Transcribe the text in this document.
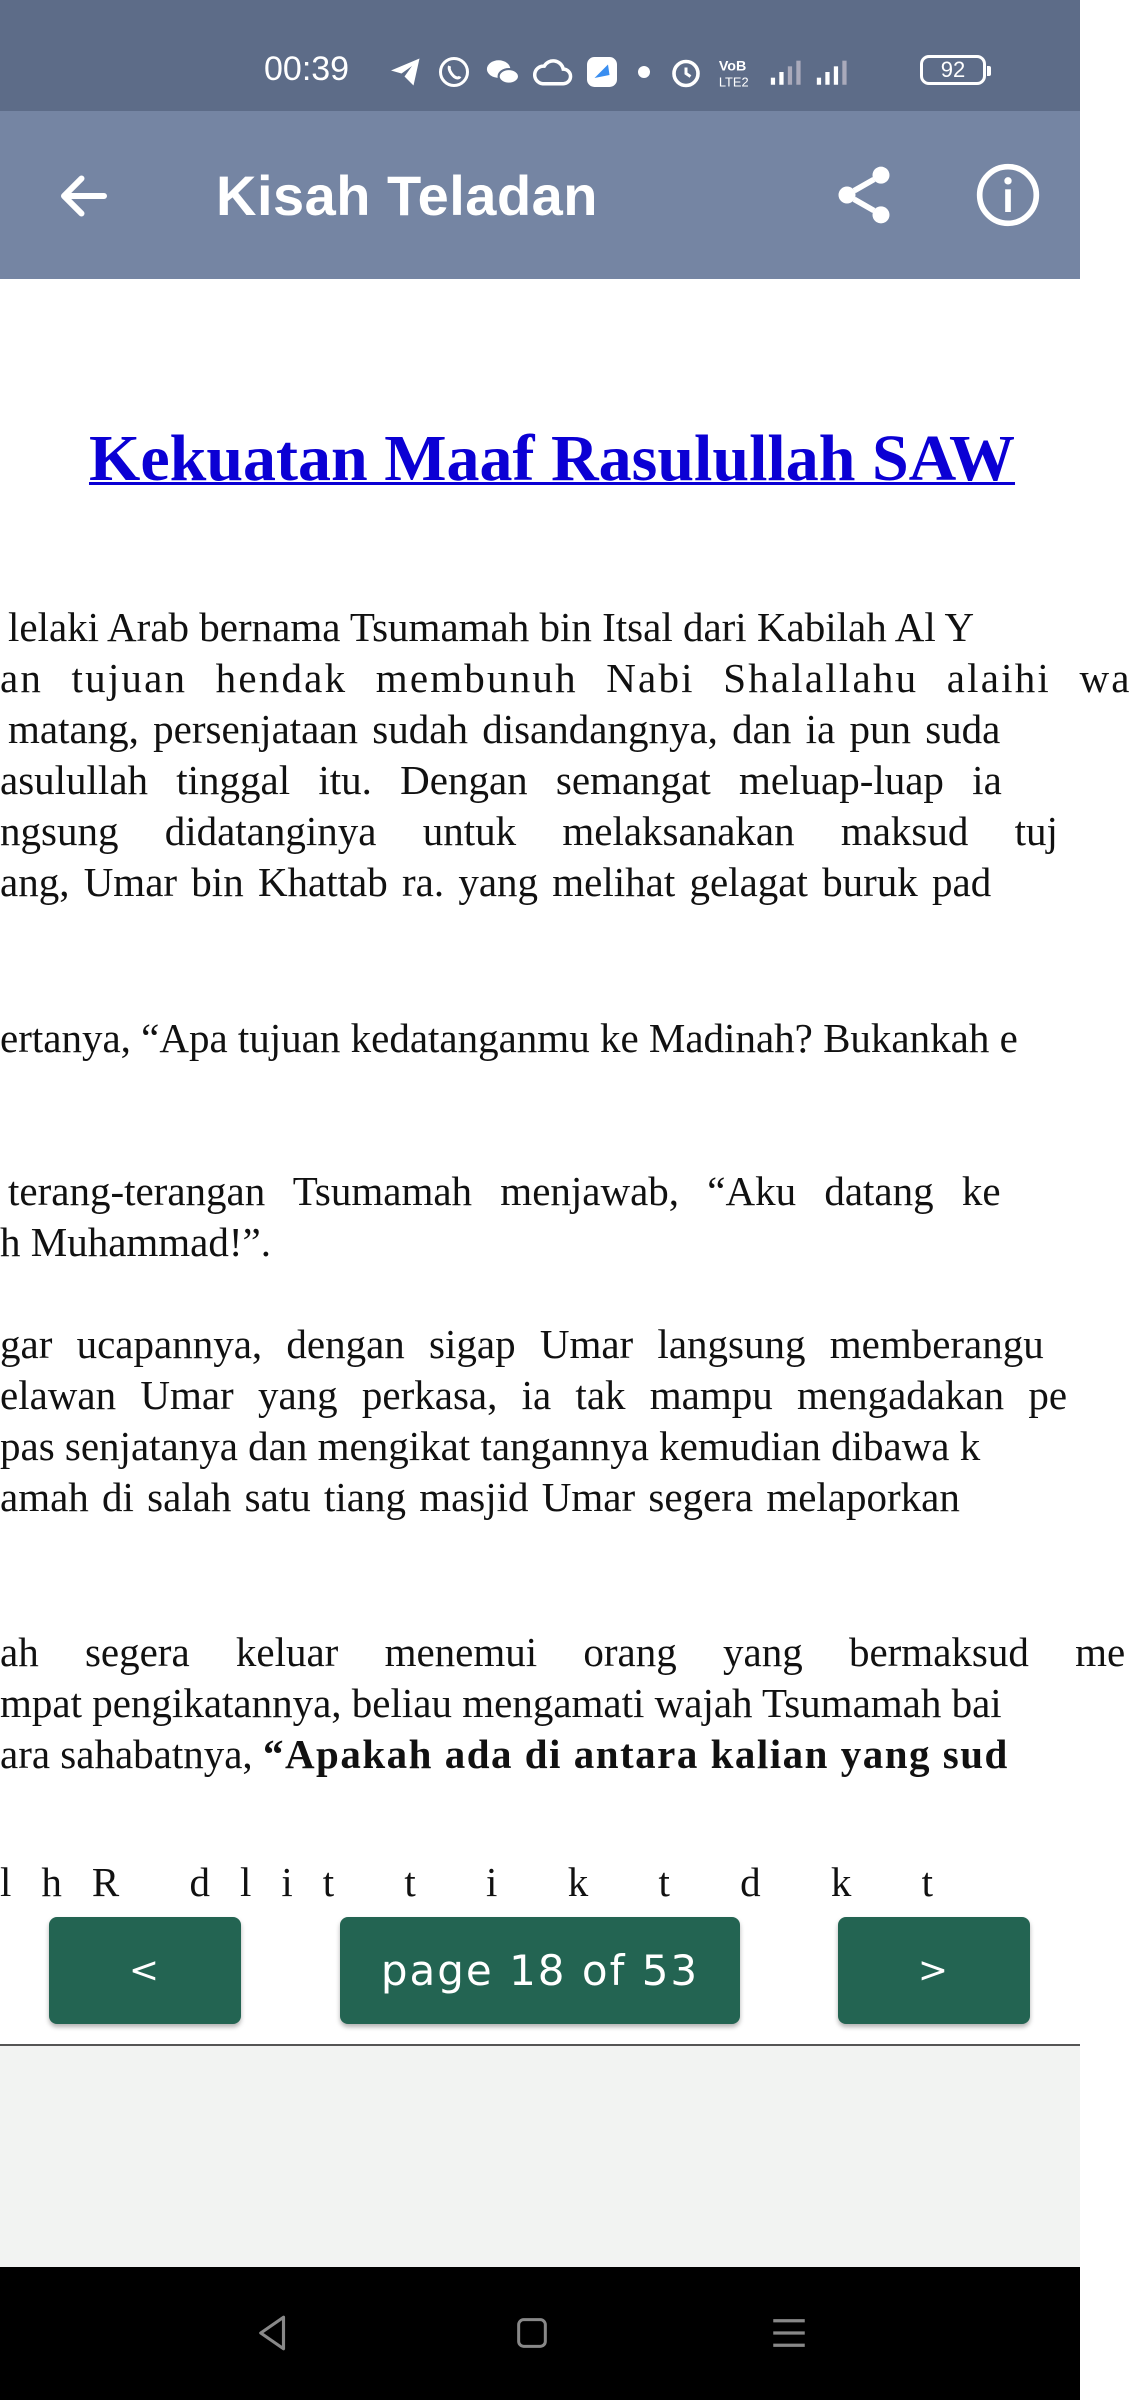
00:39	VoB
LTE2	92
Kisah Teladan
Kekuatan Maaf Rasulullah SAW
lelaki Arab bernama Tsumamah bin Itsal dari Kabilah Al Y
an tujuan hendak membunuh Nabi Shalallahu alaihi wa
matang, persenjataan sudah disandangnya, dan ia pun suda
asulullah tinggal itu. Dengan semangat meluap-luap ia
ngsung didatanginya untuk melaksanakan maksud tuj
ang, Umar bin Khattab ra. yang melihat gelagat buruk pad
ertanya, “Apa tujuan kedatanganmu ke Madinah? Bukankah e
terang-terangan Tsumamah menjawab, “Aku datang ke
h Muhammad!”.
gar ucapannya, dengan sigap Umar langsung memberangu
elawan Umar yang perkasa, ia tak mampu mengadakan pe
pas senjatanya dan mengikat tangannya kemudian dibawa k
amah di salah satu tiang masjid Umar segera melaporkan
ah segera keluar menemui orang yang bermaksud me
mpat pengikatannya, beliau mengamati wajah Tsumamah bai
ara sahabatnya, “Apakah ada di antara kalian yang sud
lhR dlit t i k t d k t
<	page 18 of 53	>
